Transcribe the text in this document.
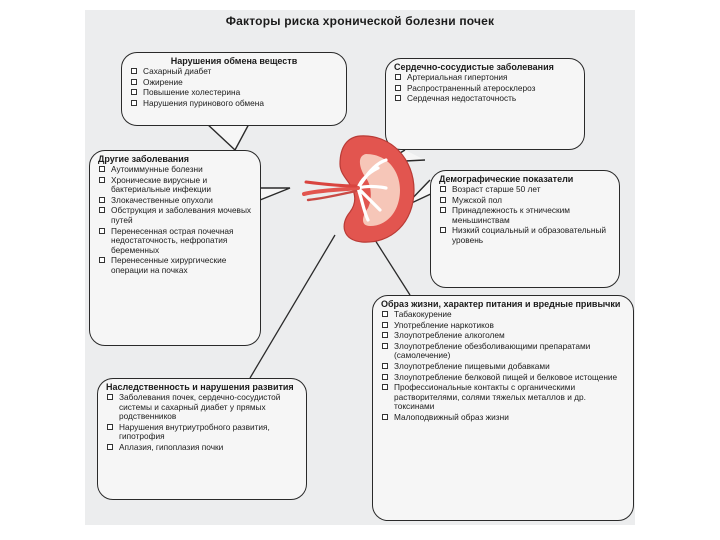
Факторы риска хронической болезни почек
Нарушения обмена веществ
Сахарный диабет
Ожирение
Повышение холестерина
Нарушения пуринового обмена
Сердечно-сосудистые заболевания
Артериальная гипертония
Распространенный атеросклероз
Сердечная недостаточность
Другие заболевания
Аутоиммунные болезни
Хронические вирусные и бактериальные инфекции
Злокачественные опухоли
Обструкция и заболевания мочевых путей
Перенесенная острая почечная недостаточность, нефропатия беременных
Перенесенные хирургические операции на почках
Демографические показатели
Возраст старше 50 лет
Мужской пол
Принадлежность к этническим меньшинствам
Низкий социальный и образовательный уровень
Образ жизни, характер питания и вредные привычки
Табакокурение
Употребление наркотиков
Злоупотребление алкоголем
Злоупотребление обезболивающими препаратами (самолечение)
Злоупотребление пищевыми добавками
Злоупотребление белковой пищей и белковое истощение
Профессиональные контакты с органическими растворителями, солями тяжелых металлов и др. токсинами
Малоподвижный образ жизни
Наследственность и нарушения развития
Заболевания почек, сердечно-сосудистой системы и сахарный диабет у прямых родственников
Нарушения внутриутробного развития, гипотрофия
Аплазия, гипоплазия почки
